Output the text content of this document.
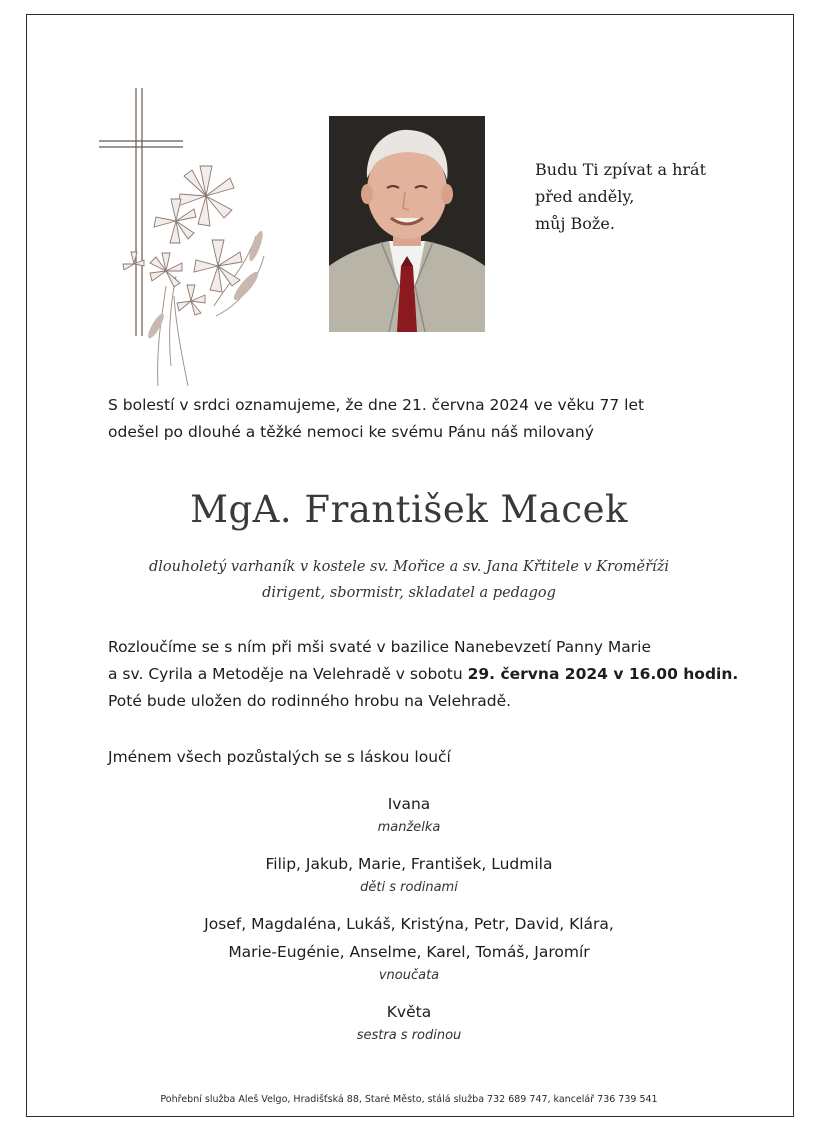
Budu Ti zpívat a hrát
před anděly,
můj Bože.
S bolestí v srdci oznamujeme, že dne 21. června 2024 ve věku 77 let
odešel po dlouhé a těžké nemoci ke svému Pánu náš milovaný
MgA. František Macek
dlouholetý varhaník v kostele sv. Mořice a sv. Jana Křtitele v Kroměříži
dirigent, sbormistr, skladatel a pedagog
Rozloučíme se s ním při mši svaté v bazilice Nanebevzetí Panny Marie
a sv. Cyrila a Metoděje na Velehradě v sobotu 29. června 2024 v 16.00 hodin.
Poté bude uložen do rodinného hrobu na Velehradě.
Jménem všech pozůstalých se s láskou loučí
Ivana
manželka
Filip, Jakub, Marie, František, Ludmila
děti s rodinami
Josef, Magdaléna, Lukáš, Kristýna, Petr, David, Klára,
Marie-Eugénie, Anselme, Karel, Tomáš, Jaromír
vnoučata
Květa
sestra s rodinou
Pohřební služba Aleš Velgo, Hradišťská 88, Staré Město, stálá služba 732 689 747, kancelář 736 739 541
